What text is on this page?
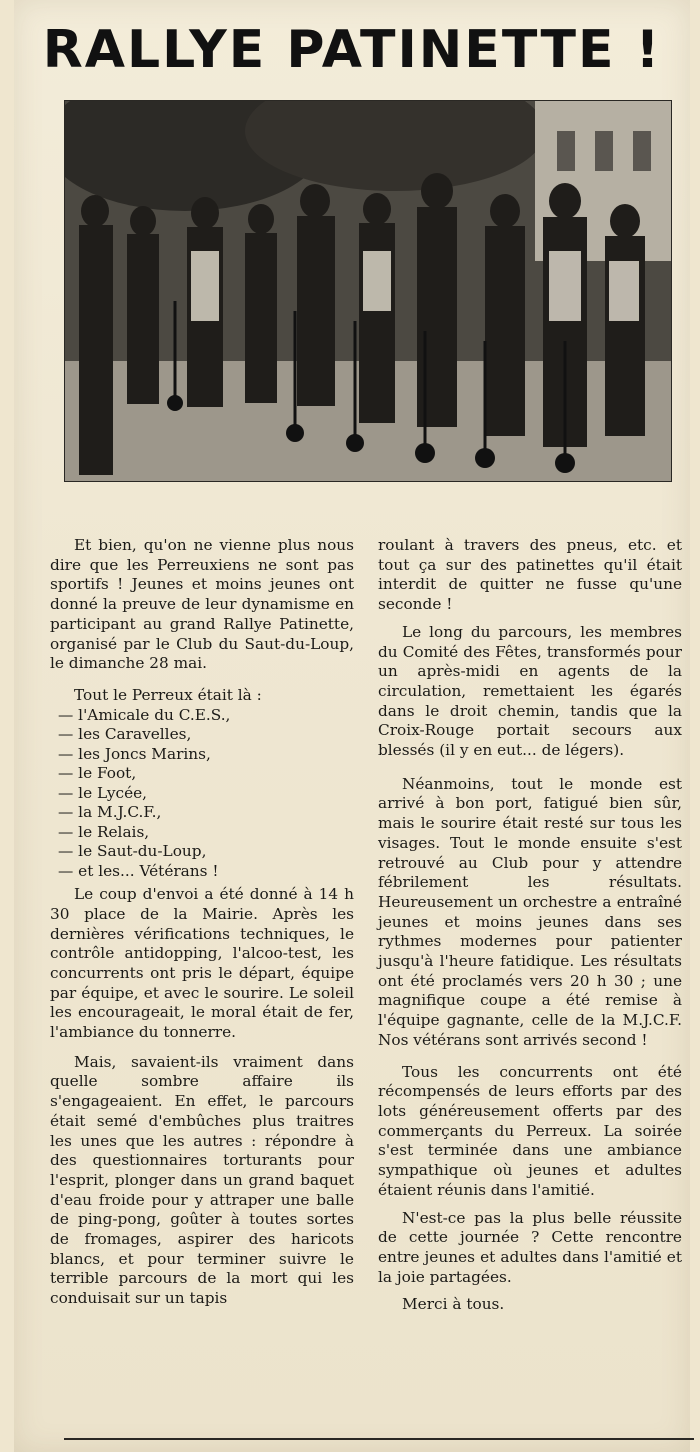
RALLYE PATINETTE !

Et bien, qu'on ne vienne plus nous dire que les Perreuxiens ne sont pas sportifs ! Jeunes et moins jeunes ont donné la preuve de leur dynamisme en participant au grand Rallye Patinette, organisé par le Club du Saut-du-Loup, le dimanche 28 mai.

Tout le Perreux était là :

— l'Amicale du C.E.S.,
— les Caravelles,
— les Joncs Marins,
— le Foot,
— le Lycée,
— la M.J.C.F.,
— le Relais,
— le Saut-du-Loup,
— et les... Vétérans !

Le coup d'envoi a été donné à 14 h 30 place de la Mairie. Après les dernières vérifications techniques, le contrôle antidopping, l'alcoo-test, les concurrents ont pris le départ, équipe par équipe, et avec le sourire. Le soleil les encourageait, le moral était de fer, l'ambiance du tonnerre.

Mais, savaient-ils vraiment dans quelle sombre affaire ils s'engageaient. En effet, le parcours était semé d'embûches plus traitres les unes que les autres : répondre à des questionnaires torturants pour l'esprit, plonger dans un grand baquet d'eau froide pour y attraper une balle de ping-pong, goûter à toutes sortes de fromages, aspirer des haricots blancs, et pour terminer suivre le terrible parcours de la mort qui les conduisait sur un tapis

roulant à travers des pneus, etc. et tout ça sur des patinettes qu'il était interdit de quitter ne fusse qu'une seconde !

Le long du parcours, les membres du Comité des Fêtes, transformés pour un après-midi en agents de la circulation, remettaient les égarés dans le droit chemin, tandis que la Croix-Rouge portait secours aux blessés (il y en eut... de légers).

Néanmoins, tout le monde est arrivé à bon port, fatigué bien sûr, mais le sourire était resté sur tous les visages. Tout le monde ensuite s'est retrouvé au Club pour y attendre fébrilement les résultats. Heureusement un orchestre a entraîné jeunes et moins jeunes dans ses rythmes modernes pour patienter jusqu'à l'heure fatidique. Les résultats ont été proclamés vers 20 h 30 ; une magnifique coupe a été remise à l'équipe gagnante, celle de la M.J.C.F. Nos vétérans sont arrivés second !

Tous les concurrents ont été récompensés de leurs efforts par des lots généreusement offerts par des commerçants du Perreux. La soirée s'est terminée dans une ambiance sympathique où jeunes et adultes étaient réunis dans l'amitié.

N'est-ce pas la plus belle réussite de cette journée ? Cette rencontre entre jeunes et adultes dans l'amitié et la joie partagées.

Merci à tous.
